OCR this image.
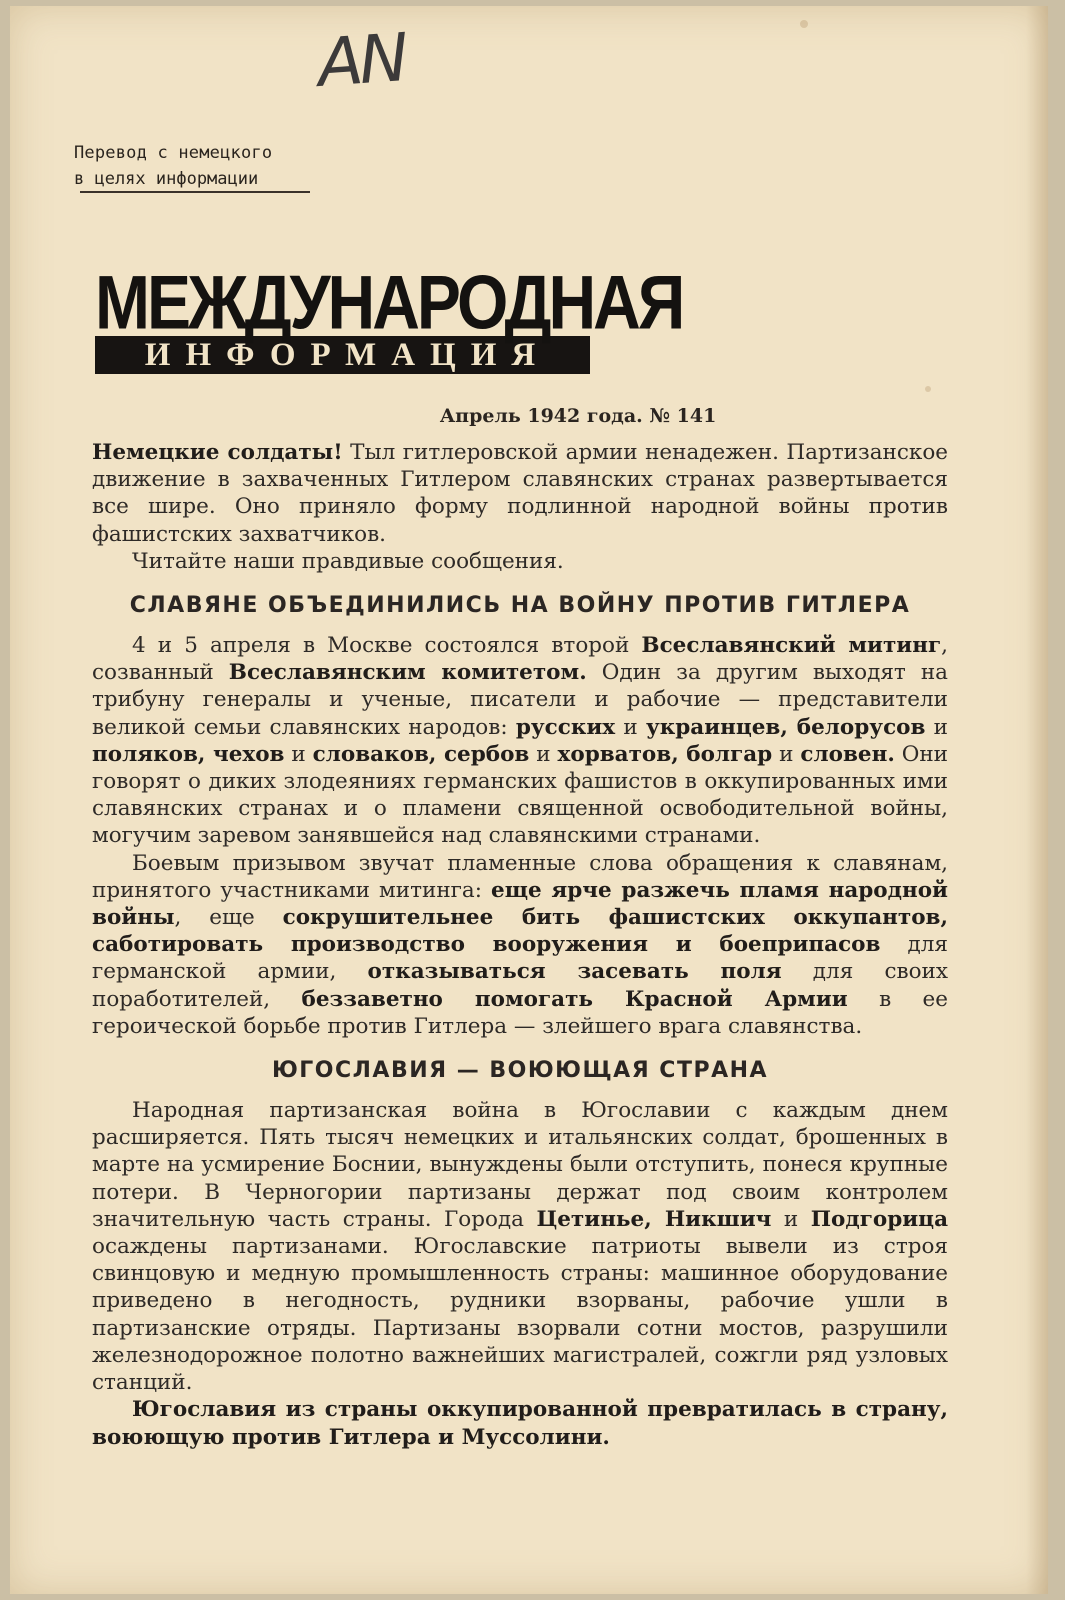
AN
Перевод с немецкого
в целях информации
МЕЖДУНАРОДНАЯ
ИНФОРМАЦИЯ
Апрель 1942 года. № 141

Немецкие солдаты! Тыл гитлеровской армии ненадежен. Партизанское движение в захваченных Гитлером славянских странах развертывается все шире. Оно приняло форму подлинной народной войны против фашистских захватчиков.

Читайте наши правдивые сообщения.

СЛАВЯНЕ ОБЪЕДИНИЛИСЬ НА ВОЙНУ ПРОТИВ ГИТЛЕРА

4 и 5 апреля в Москве состоялся второй Всеславянский митинг, созванный Всеславянским комитетом. Один за другим выходят на трибуну генералы и ученые, писатели и рабочие — представители великой семьи славянских народов: русских и украинцев, белорусов и поляков, чехов и словаков, сербов и хорватов, болгар и словен. Они говорят о диких злодеяниях германских фашистов в оккупированных ими славянских странах и о пламени священной освободительной войны, могучим заревом занявшейся над славянскими странами.

Боевым призывом звучат пламенные слова обращения к славянам, принятого участниками митинга: еще ярче разжечь пламя народной войны, еще сокрушительнее бить фашистских оккупантов, саботировать производство вооружения и боеприпасов для германской армии, отказываться засевать поля для своих поработителей, беззаветно помогать Красной Армии в ее героической борьбе против Гитлера — злейшего врага славянства.

ЮГОСЛАВИЯ — ВОЮЮЩАЯ СТРАНА

Народная партизанская война в Югославии с каждым днем расширяется. Пять тысяч немецких и итальянских солдат, брошенных в марте на усмирение Боснии, вынуждены были отступить, понеся крупные потери. В Черногории партизаны держат под своим контролем значительную часть страны. Города Цетинье, Никшич и Подгорица осаждены партизанами. Югославские патриоты вывели из строя свинцовую и медную промышленность страны: машинное оборудование приведено в негодность, рудники взорваны, рабочие ушли в партизанские отряды. Партизаны взорвали сотни мостов, разрушили железнодорожное полотно важнейших магистралей, сожгли ряд узловых станций.

Югославия из страны оккупированной превратилась в страну, воюющую против Гитлера и Муссолини.
